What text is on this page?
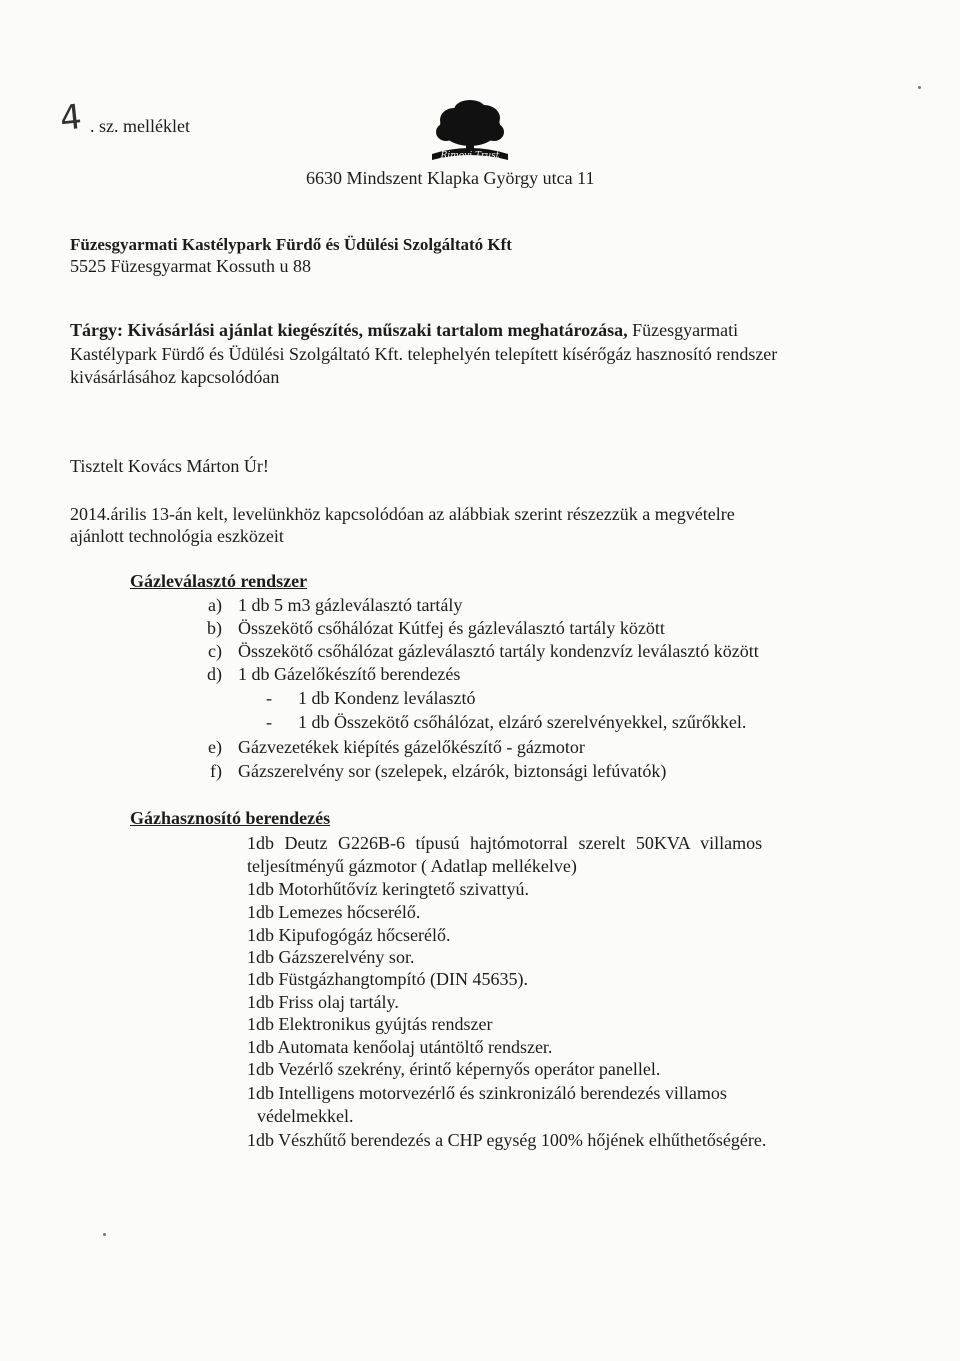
4 . sz. melléklet
Rimovi Trust
6630 Mindszent Klapka György utca 11
Füzesgyarmati Kastélypark Fürdő és Üdülési Szolgáltató Kft
5525 Füzesgyarmat Kossuth u 88
Tárgy: Kivásárlási ajánlat kiegészítés, műszaki tartalom meghatározása, Füzesgyarmati
Kastélypark Fürdő és Üdülési Szolgáltató Kft. telephelyén telepített kísérőgáz hasznosító rendszer
kivásárlásához kapcsolódóan
Tisztelt Kovács Márton Úr!
2014.árilis 13-án kelt, levelünkhöz kapcsolódóan az alábbiak szerint részezzük a megvételre
ajánlott technológia eszközeit
Gázleválasztó rendszer
a) 1 db 5 m3 gázleválasztó tartály
b) Összekötő csőhálózat Kútfej és gázleválasztó tartály között
c) Összekötő csőhálózat gázleválasztó tartály kondenzvíz leválasztó között
d) 1 db Gázelőkészítő berendezés
- 1 db Kondenz leválasztó
- 1 db Összekötő csőhálózat, elzáró szerelvényekkel, szűrőkkel.
e) Gázvezetékek kiépítés gázelőkészítő - gázmotor
f) Gázszerelvény sor (szelepek, elzárók, biztonsági lefúvatók)
Gázhasznosító berendezés
1db Deutz G226B-6 típusú hajtómotorral szerelt 50KVA villamos
teljesítményű gázmotor ( Adatlap mellékelve)
1db Motorhűtővíz keringtető szivattyú.
1db Lemezes hőcserélő.
1db Kipufogógáz hőcserélő.
1db Gázszerelvény sor.
1db Füstgázhangtompító (DIN 45635).
1db Friss olaj tartály.
1db Elektronikus gyújtás rendszer
1db Automata kenőolaj utántöltő rendszer.
1db Vezérlő szekrény, érintő képernyős operátor panellel.
1db Intelligens motorvezérlő és szinkronizáló berendezés villamos
védelmekkel.
1db Vészhűtő berendezés a CHP egység 100% hőjének elhűthetőségére.
